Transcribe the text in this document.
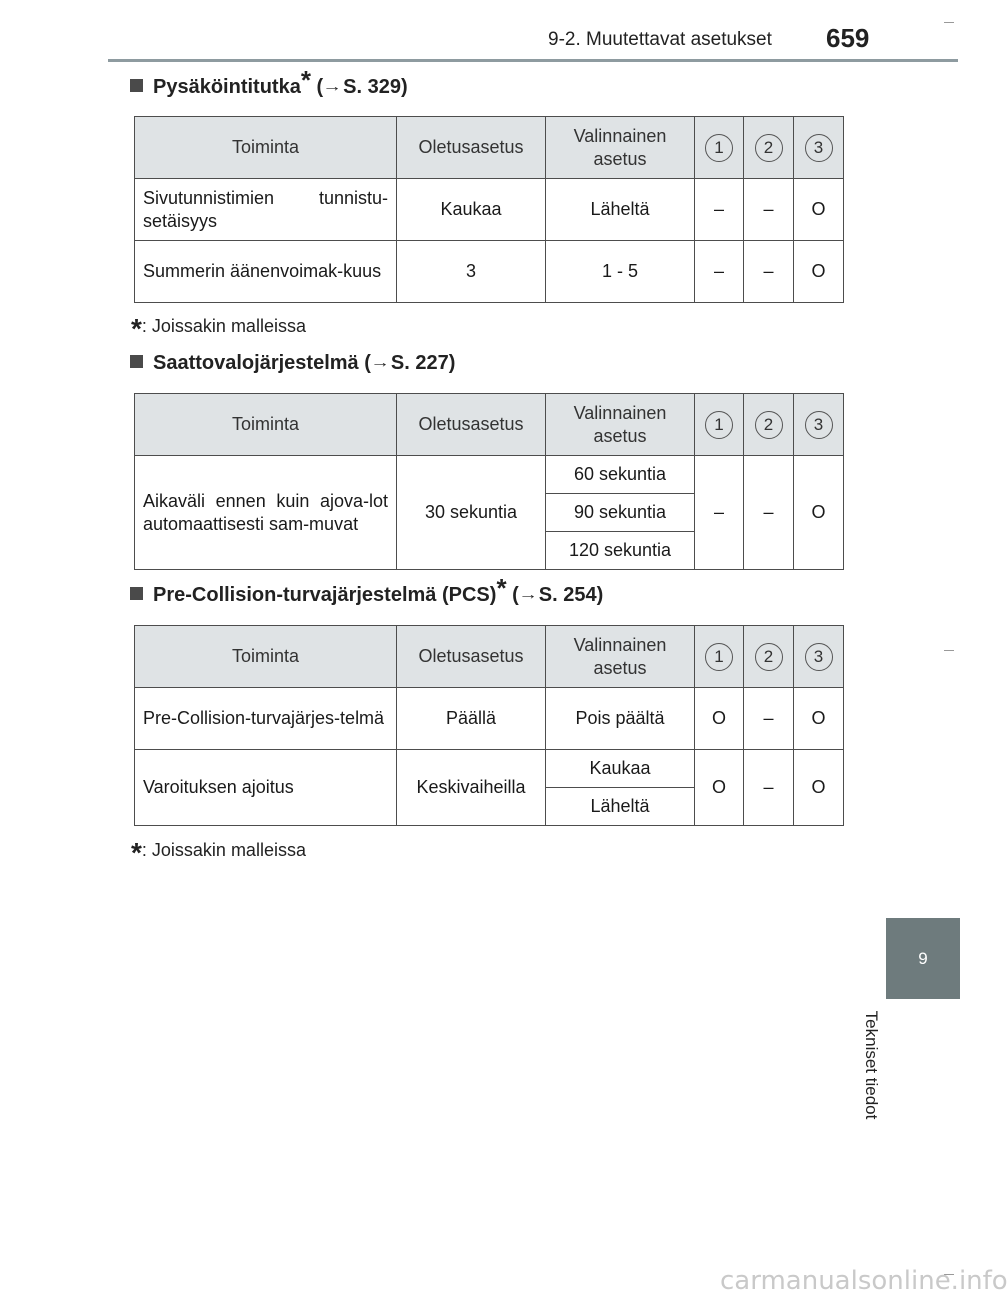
9-2. Muutettavat asetukset 659
Pysäköintitutka* (→S. 329)
Toiminta	Oletusasetus	Valinnainen asetus	1	2	3
Sivutunnistimien tunnistu-setäisyys	Kaukaa	Läheltä	–	–	O
Summerin äänenvoimak-kuus	3	1 - 5	–	–	O
*: Joissakin malleissa
Saattovalojärjestelmä (→S. 227)
Toiminta	Oletusasetus	Valinnainen asetus	1	2	3
Aikaväli ennen kuin ajova-lot automaattisesti sam-muvat	30 sekuntia	60 sekuntia	–	–	O
		90 sekuntia			
		120 sekuntia			
Pre-Collision-turvajärjestelmä (PCS)* (→S. 254)
Toiminta	Oletusasetus	Valinnainen asetus	1	2	3
Pre-Collision-turvajärjes-telmä	Päällä	Pois päältä	O	–	O
Varoituksen ajoitus	Keskivaiheilla	Kaukaa	O	–	O
		Läheltä			
*: Joissakin malleissa
9
Tekniset tiedot
carmanualsonline.info
